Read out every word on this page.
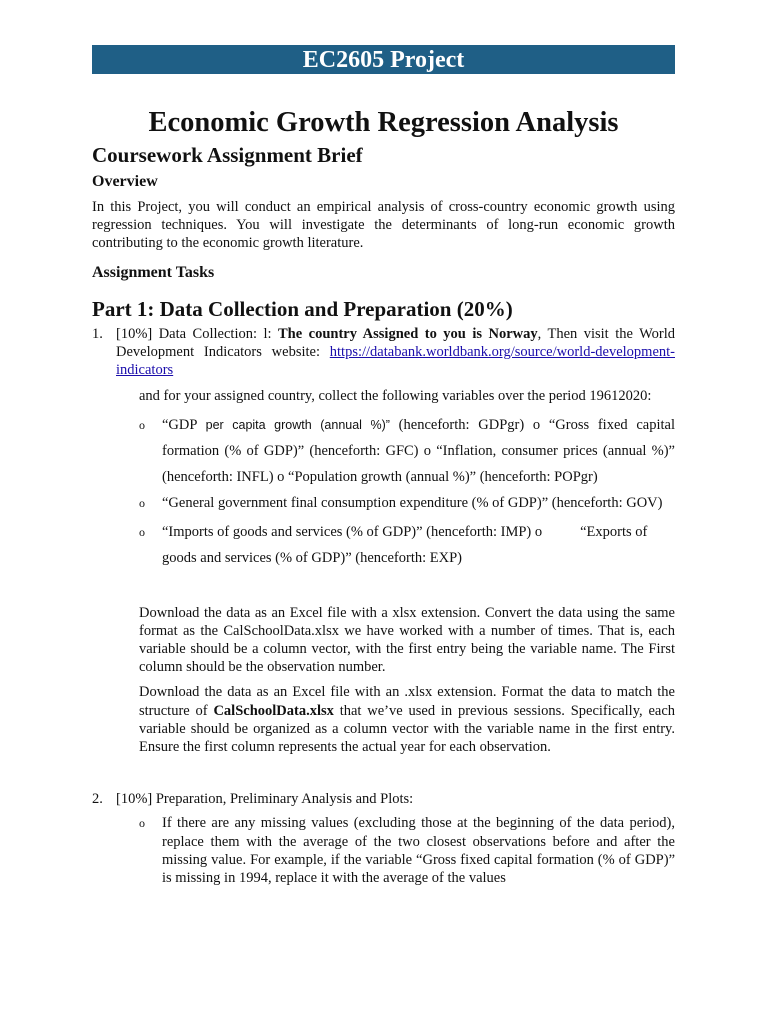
EC2605 Project
Economic Growth Regression Analysis
Coursework Assignment Brief
Overview

In this Project, you will conduct an empirical analysis of cross-country economic growth using regression techniques. You will investigate the determinants of long-run economic growth contributing to the economic growth literature.

Assignment Tasks
Part 1: Data Collection and Preparation (20%)
1. [10%] Data Collection: l: The country Assigned to you is Norway, Then visit the World Development Indicators website: https://databank.worldbank.org/source/world-development-indicators

and for your assigned country, collect the following variables over the period 19612020:

o “GDP per capita growth (annual %)” (henceforth: GDPgr) o “Gross fixed capital formation (% of GDP)” (henceforth: GFC) o “Inflation, consumer prices (annual %)” (henceforth: INFL) o “Population growth (annual %)” (henceforth: POPgr)
o “General government final consumption expenditure (% of GDP)” (henceforth: GOV)
o “Imports of goods and services (% of GDP)” (henceforth: IMP) o	“Exports of goods and services (% of GDP)” (henceforth: EXP)

Download the data as an Excel file with a xlsx extension. Convert the data using the same format as the CalSchoolData.xlsx we have worked with a number of times. That is, each variable should be a column vector, with the first entry being the variable name. The First column should be the observation number.

Download the data as an Excel file with an .xlsx extension. Format the data to match the structure of CalSchoolData.xlsx that we’ve used in previous sessions. Specifically, each variable should be organized as a column vector with the variable name in the first entry. Ensure the first column represents the actual year for each observation.

2. [10%] Preparation, Preliminary Analysis and Plots:
o If there are any missing values (excluding those at the beginning of the data period), replace them with the average of the two closest observations before and after the missing value. For example, if the variable “Gross fixed capital formation (% of GDP)” is missing in 1994, replace it with the average of the values
